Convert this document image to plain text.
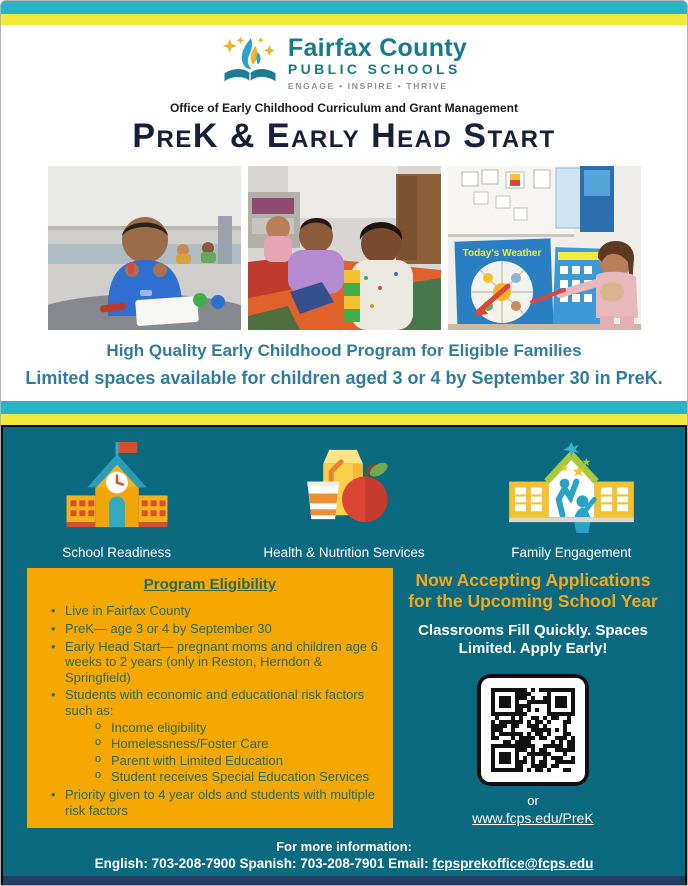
Fairfax County
PUBLIC SCHOOLS
ENGAGE • INSPIRE • THRIVE
Office of Early Childhood Curriculum and Grant Management
PreK & Early Head Start
Today's Weather
High Quality Early Childhood Program for Eligible Families
Limited spaces available for children aged 3 or 4 by September 30 in PreK.
School Readiness	Health & Nutrition Services	Family Engagement
Program Eligibility
• Live in Fairfax County
• PreK— age 3 or 4 by September 30
• Early Head Start— pregnant moms and children age 6 weeks to 2 years (only in Reston, Herndon & Springfield)
• Students with economic and educational risk factors such as:
o Income eligibility
o Homelessness/Foster Care
o Parent with Limited Education
o Student receives Special Education Services
• Priority given to 4 year olds and students with multiple risk factors
Now Accepting Applications for the Upcoming School Year
Classrooms Fill Quickly. Spaces Limited. Apply Early!
or
www.fcps.edu/PreK
For more information:
English: 703-208-7900 Spanish: 703-208-7901 Email: fcpsprekoffice@fcps.edu
